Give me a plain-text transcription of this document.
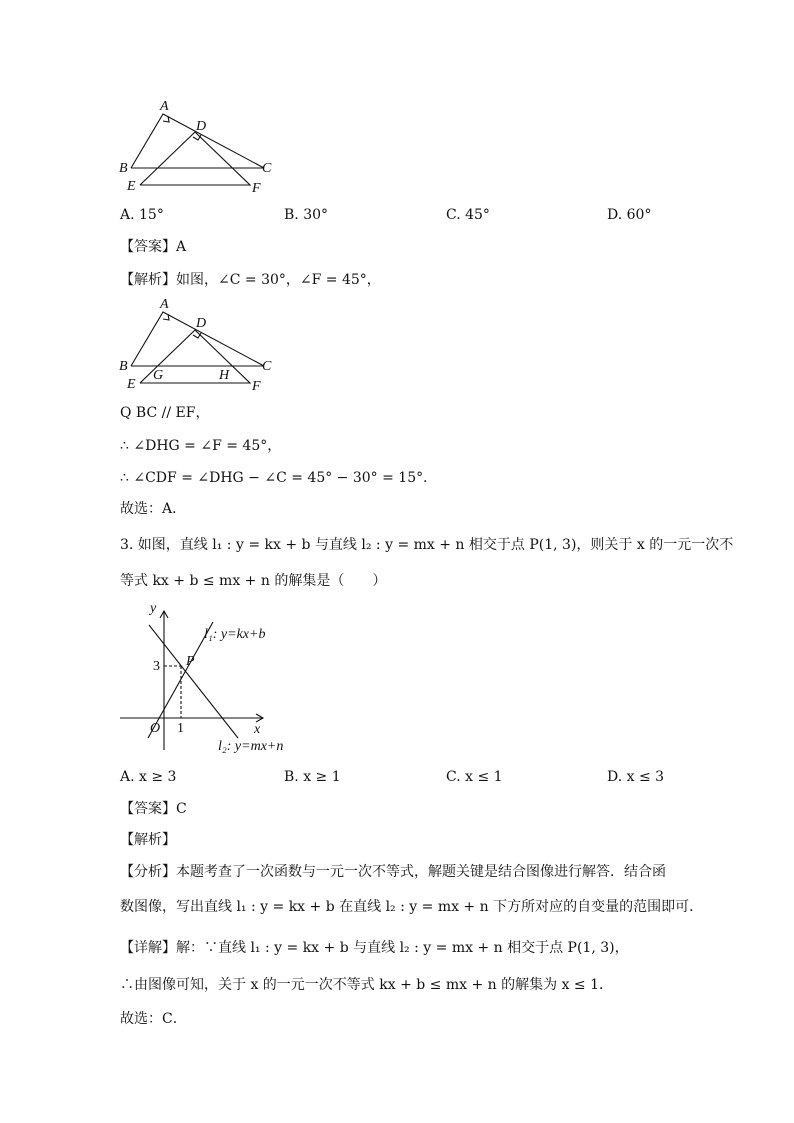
A
D
B	C
E	F
A. 15°	B. 30°	C. 45°	D. 60°
【答案】A
【解析】如图，∠C = 30°，∠F = 45°，
A
D
B	C
E	F
G	H
Q BC // EF，
∴ ∠DHG = ∠F = 45°，
∴ ∠CDF = ∠DHG − ∠C = 45° − 30° = 15°．
故选：A．
3. 如图，直线 l₁ : y = kx + b 与直线 l₂ : y = mx + n 相交于点 P(1, 3)，则关于 x 的一元一次不
等式 kx + b ≤ mx + n 的解集是（　　）
y
x
O 1
3 P
l₁: y=kx+b
l₂: y=mx+n
A. x ≥ 3	B. x ≥ 1	C. x ≤ 1	D. x ≤ 3
【答案】C
【解析】
【分析】本题考查了一次函数与一元一次不等式，解题关键是结合图像进行解答．结合函
数图像，写出直线 l₁ : y = kx + b 在直线 l₂ : y = mx + n 下方所对应的自变量的范围即可．
【详解】解：∵直线 l₁ : y = kx + b 与直线 l₂ : y = mx + n 相交于点 P(1, 3)，
∴由图像可知，关于 x 的一元一次不等式 kx + b ≤ mx + n 的解集为 x ≤ 1．
故选：C．
